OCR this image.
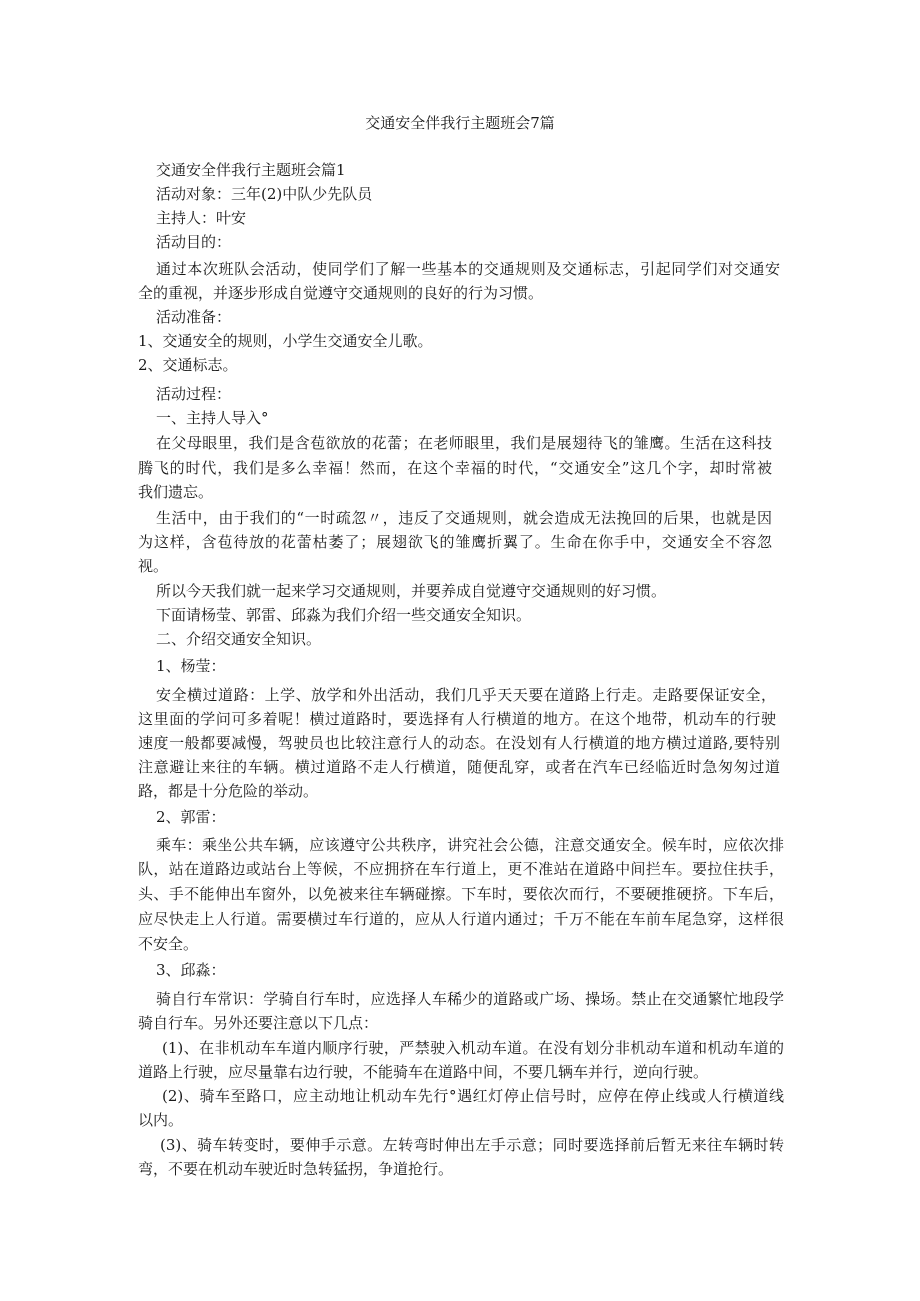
交通安全伴我行主题班会7篇
交通安全伴我行主题班会篇1
活动对象：三年(2)中队少先队员
主持人：叶安
活动目的：
通过本次班队会活动，使同学们了解一些基本的交通规则及交通标志，引起同学们对交通安
全的重视，并逐步形成自觉遵守交通规则的良好的行为习惯。
活动准备：
1、交通安全的规则，小学生交通安全儿歌。
2、交通标志。
活动过程：
一、主持人导入°
在父母眼里，我们是含苞欲放的花蕾；在老师眼里，我们是展翅待飞的雏鹰。生活在这科技
腾飞的时代，我们是多么幸福！然而，在这个幸福的时代，“交通安全”这几个字，却时常被
我们遗忘。
生活中，由于我们的“一时疏忽〃，违反了交通规则，就会造成无法挽回的后果，也就是因
为这样，含苞待放的花蕾枯萎了；展翅欲飞的雏鹰折翼了。生命在你手中，交通安全不容忽
视。
所以今天我们就一起来学习交通规则，并要养成自觉遵守交通规则的好习惯。
下面请杨莹、郭雷、邱淼为我们介绍一些交通安全知识。
二、介绍交通安全知识。
1、杨莹：
安全横过道路：上学、放学和外出活动，我们几乎天天要在道路上行走。走路要保证安全，
这里面的学问可多着呢！横过道路时，要选择有人行横道的地方。在这个地带，机动车的行驶
速度一般都要减慢，驾驶员也比较注意行人的动态。在没划有人行横道的地方横过道路,要特别
注意避让来往的车辆。横过道路不走人行横道，随便乱穿，或者在汽车已经临近时急匆匆过道
路，都是十分危险的举动。
2、郭雷：
乘车：乘坐公共车辆，应该遵守公共秩序，讲究社会公德，注意交通安全。候车时，应依次排
队，站在道路边或站台上等候，不应拥挤在车行道上，更不准站在道路中间拦车。要拉住扶手，
头、手不能伸出车窗外，以免被来往车辆碰擦。下车时，要依次而行，不要硬推硬挤。下车后，
应尽快走上人行道。需要横过车行道的，应从人行道内通过；千万不能在车前车尾急穿，这样很
不安全。
3、邱淼：
骑自行车常识：学骑自行车时，应选择人车稀少的道路或广场、操场。禁止在交通繁忙地段学
骑自行车。另外还要注意以下几点：
(1)、在非机动车车道内顺序行驶，严禁驶入机动车道。在没有划分非机动车道和机动车道的
道路上行驶，应尽量靠右边行驶，不能骑车在道路中间，不要几辆车并行，逆向行驶。
(2)、骑车至路口，应主动地让机动车先行°遇红灯停止信号时，应停在停止线或人行横道线
以内。
(3)、骑车转变时，要伸手示意。左转弯时伸出左手示意；同时要选择前后暂无来往车辆时转
弯，不要在机动车驶近时急转猛拐，争道抢行。
